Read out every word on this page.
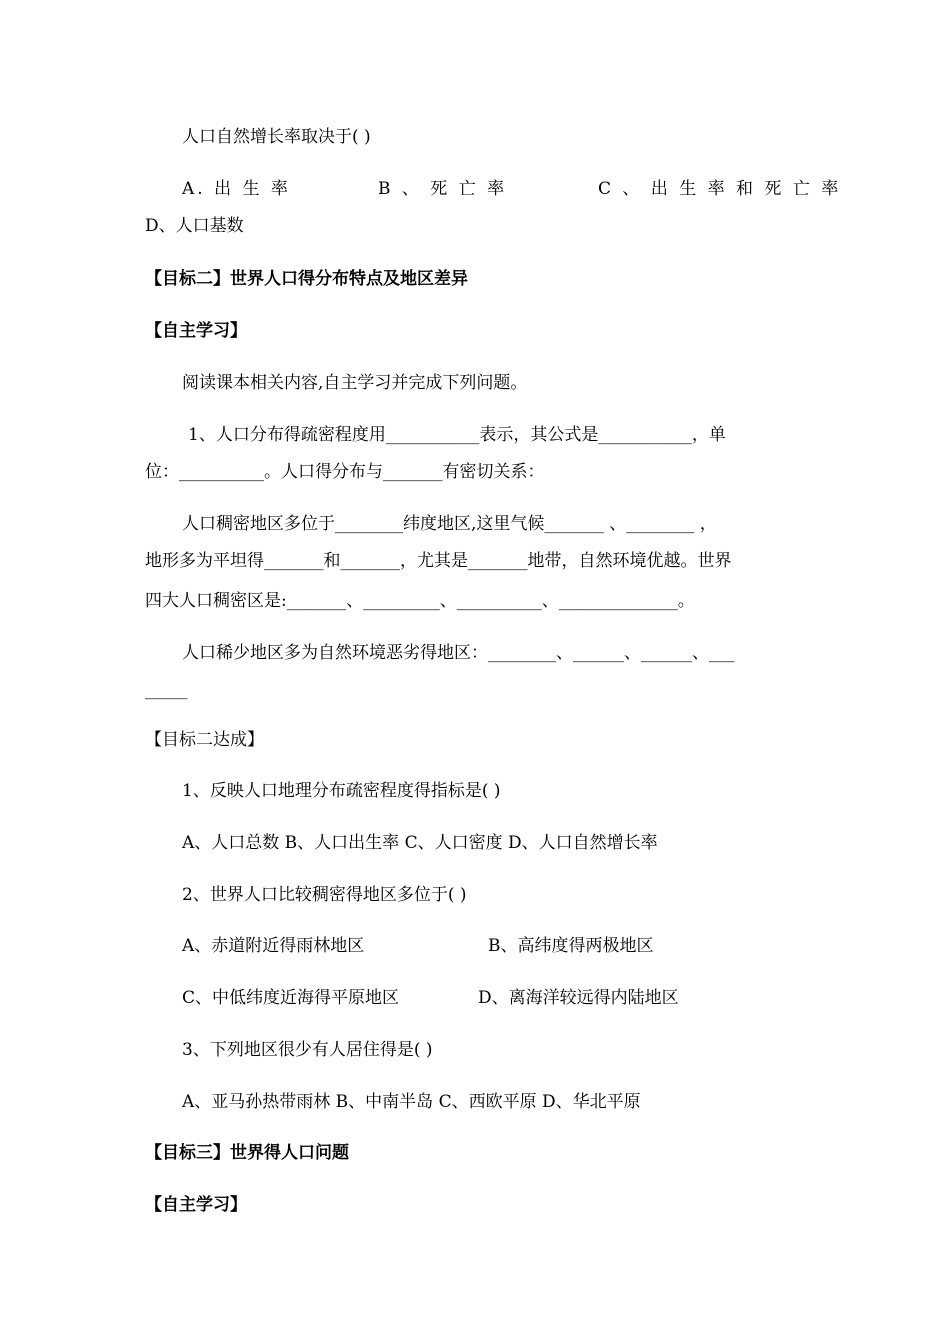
人口自然增长率取决于( )
A. 出 生 率	B 、 死 亡 率	C 、 出 生 率 和 死 亡 率
D、人口基数
【目标二】世界人口得分布特点及地区差异
【自主学习】
阅读课本相关内容,自主学习并完成下列问题。
1、人口分布得疏密程度用___________表示，其公式是___________，单
位：__________。人口得分布与_______有密切关系：
人口稠密地区多位于________纬度地区,这里气候_______ 、________ ，
地形多为平坦得_______和_______，尤其是_______地带，自然环境优越。世界
四大人口稠密区是:_______、_________、__________、______________。
人口稀少地区多为自然环境恶劣得地区：________、______、______、___
_____
【目标二达成】
1、反映人口地理分布疏密程度得指标是( )
A、人口总数 B、人口出生率 C、人口密度 D、人口自然增长率
2、世界人口比较稠密得地区多位于( )
A、赤道附近得雨林地区	B、高纬度得两极地区
C、中低纬度近海得平原地区	D、离海洋较远得内陆地区
3、下列地区很少有人居住得是( )
A、亚马孙热带雨林 B、中南半岛 C、西欧平原 D、华北平原
【目标三】世界得人口问题
【自主学习】
